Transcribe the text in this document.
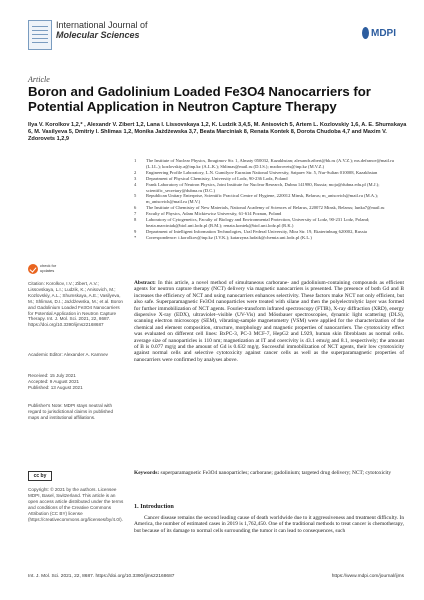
International Journal of
Molecular Sciences	MDPI
Article
Boron and Gadolinium Loaded Fe3O4 Nanocarriers for Potential Application in Neutron Capture Therapy
Ilya V. Korolkov 1,2,* , Alexandr V. Zibert 1,2, Lana I. Lissovskaya 1,2, K. Ludzik 3,4,5, M. Anisovich 5, Artem L. Kozlovskiy 1,6, A. E. Shumskaya 6, M. Vasilyeva 5, Dmitriy I. Shlimas 1,2, Monika Jażdżewska 3,7, Beata Marciniak 8, Renata Kontek 8, Dorota Chudoba 4,7 and Maxim V. Zdorovets 1,2,9
1	The Institute of Nuclear Physics, Ibragimov Str. 1, Almaty 050032, Kazakhstan; alexandr.zibert@bk.ru (A.V.Z.); ms.defrance@mail.ru (L.I.L.); kozlovskiy.a@inp.kz (A.L.K.); Shlimas@mail.ru (D.I.S.); mzdorovets@inp.kz (M.V.Z.)
2	Engineering Profile Laboratory, L.N. Gumilyov Eurasian National University, Satpaev Str. 5, Nur-Sultan 010008, Kazakhstan
3	Department of Physical Chemistry, University of Lodz, 90-236 Lodz, Poland
4	Frank Laboratory of Neutron Physics, Joint Institute for Nuclear Research, Dubna 141980, Russia; moja@dubna.edu.pl (M.J.); scientific_secretary@dubna.ru (D.C.)
5	Republican Unitary Enterprise, Scientific Practical Centre of Hygiene, 220012 Minsk, Belarus; m_anisovich@mail.ru (M.A.); m_anisovich@mail.ru (M.V.)
6	The Institute of Chemistry of New Materials, National Academy of Sciences of Belarus, 220072 Minsk, Belarus; lunka7@mail.ru
7	Faculty of Physics, Adam Mickiewicz University, 61-614 Poznan, Poland
8	Laboratory of Cytogenetics, Faculty of Biology and Environmental Protection, University of Lodz, 90-231 Lodz, Poland; beata.marciniak@biol.uni.lodz.pl (B.M.); renata.kontek@biol.uni.lodz.pl (R.K.)
9	Department of Intelligent Information Technologies, Ural Federal University, Mira Str. 19, Ekaterinburg 620002, Russia
*	Correspondence: i.korolkov@inp.kz (I.V.K.); katarzyna.ludzik@chemia.uni.lodz.pl (K.L.)
check for updates
Citation: Korolkov, I.V.; Zibert, A.V.; Lissovskaya, L.I.; Ludzik, K.; Anisovich, M.; Kozlovskiy, A.L.; Shumskaya, A.E.; Vasilyeva, M.; Shlimas, D.I.; Jażdżewska, M.; et al. Boron and Gadolinium Loaded Fe3O4 Nanocarriers for Potential Application in Neutron Capture Therapy. Int. J. Mol. Sci. 2021, 22, 8687. https://doi.org/10.3390/ijms22168687
Academic Editor: Alexander A. Kamnev
Received: 15 July 2021
Accepted: 9 August 2021
Published: 13 August 2021
Publisher's Note: MDPI stays neutral with regard to jurisdictional claims in published maps and institutional affiliations.
cc by
Copyright: © 2021 by the authors. Licensee MDPI, Basel, Switzerland. This article is an open access article distributed under the terms and conditions of the Creative Commons Attribution (CC BY) license (https://creativecommons.org/licenses/by/4.0/).
Abstract: In this article, a novel method of simultaneous carborane- and gadolinium-containing compounds as efficient agents for neutron capture therapy (NCT) delivery via magnetic nanocarriers is presented. The presence of both Gd and B increases the efficiency of NCT and using nanocarriers enhances selectivity. These factors make NCT not only efficient, but also safe. Superparamagnetic Fe3O4 nanoparticles were treated with silane and then the polyelectrolytic layer was formed for further immobilization of NCT agents. Fourier-transform infrared spectroscopy (FTIR), X-ray diffraction (XRD), energy dispersive X-ray (EDX), ultraviolet–visible (UV-Vis) and Mössbauer spectroscopies, dynamic light scattering (DLS), scanning electron microscopy (SEM), vibrating-sample magnetometry (VSM) were applied for the characterization of the chemical and element composition, structure, morphology and magnetic properties of nanocarriers. The cytotoxicity effect was evaluated on different cell lines: BxPC-3, PC-3 MCF-7, HepG2 and L929, human skin fibroblasts as normal cells. average size of nanoparticles is 110 nm; magnetization at IT and coercivity is 43.1 emu/g and 8.1, respectively; the amount of B is 0.077 mg/g and the amount of Gd is 0.632 mg/g. Successful immobilization of NCT agents, their low cytotoxicity against normal cells and selective cytotoxicity against cancer cells as well as the superparamagnetic properties of nanocarriers were confirmed by analyses above.
Keywords: superparamagnetic Fe3O4 nanoparticles; carborane; gadolinium; targeted drug delivery; NCT; cytotoxicity
1. Introduction
Cancer disease remains the second leading cause of death worldwide due to it aggressiveness and treatment difficulty. In America, the number of estimated cases in 2019 is 1,762,450. One of the traditional methods to treat cancer is chemotherapy, but because of its damage to normal cells surrounding the tumor it can lead to consequences, such
Int. J. Mol. Sci. 2021, 22, 8687. https://doi.org/10.3390/ijms22168687	https://www.mdpi.com/journal/ijms
